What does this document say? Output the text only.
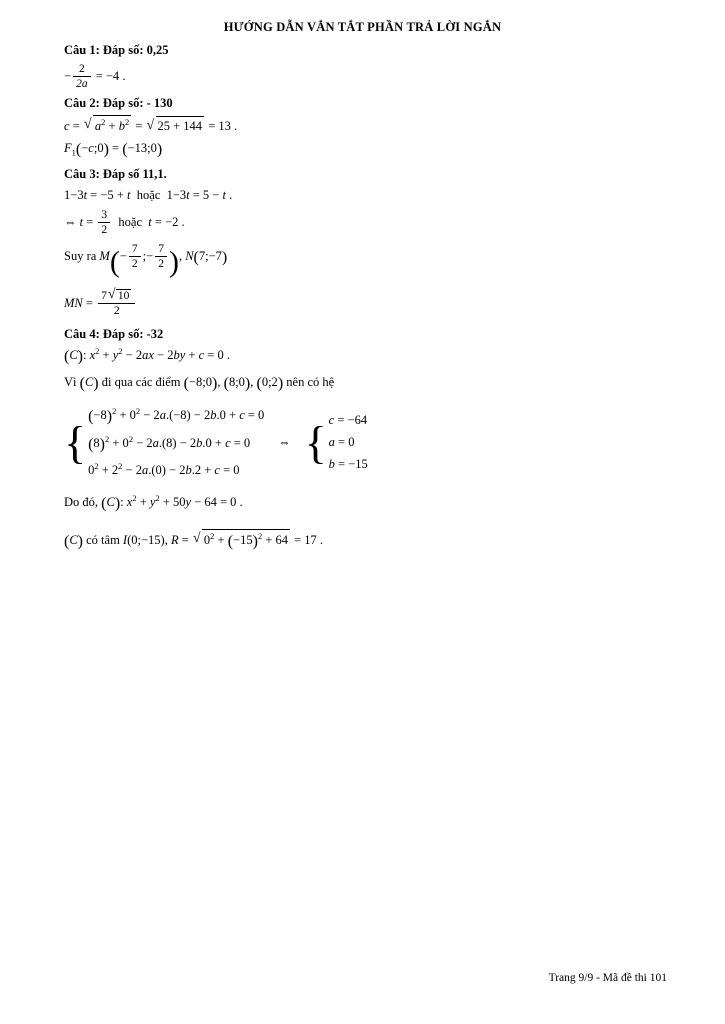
HƯỚNG DẪN VẮN TẮT PHẦN TRẢ LỜI NGẮN
Câu 1: Đáp số: 0,25
− $\frac{2}{2a} = -4$ .
Câu 2: Đáp số: - 130
c = √ $a^2 + b^2$ = √ 25 + 144 = 13 .
$F_1(-c;0)$ = (−13;0)
Câu 3: Đáp số 11,1.
1−3t = −5 + t hoặc 1−3t = 5 − t .
⇔ $t = \frac{3}{2}$ hoặc t = −2 .
Suy ra $M(- \frac{7}{2}$ ;− $\frac{7}{2}$ ), N(7;−7)
MN = $\frac{7 √ 10}{2}$
Câu 4: Đáp số: -32
(C): $x^2 + y^2 - 2ax - 2by + c = 0$ .
Vì (C) đi qua các điểm (−8;0), (8;0), (0;2) nên có hệ
{
$(-8)^2 + 0^2 - 2a.(-8) - 2b.0 + c = 0$
$(8)^2 + 0^2 - 2a.(8) - 2b.0 + c = 0$
$0^2 + 2^2 - 2a.(0) - 2b.2 + c = 0$
⇔ { c = −64
a = 0
b = −15
Do đó, (C): $x^2 + y^2 + 50y - 64 = 0$ .
(C) có tâm I(0;−15), R = √ $0^2 + (-15)^2 + 64 = 17$ .
Trang 9/9 - Mã đề thi 101
